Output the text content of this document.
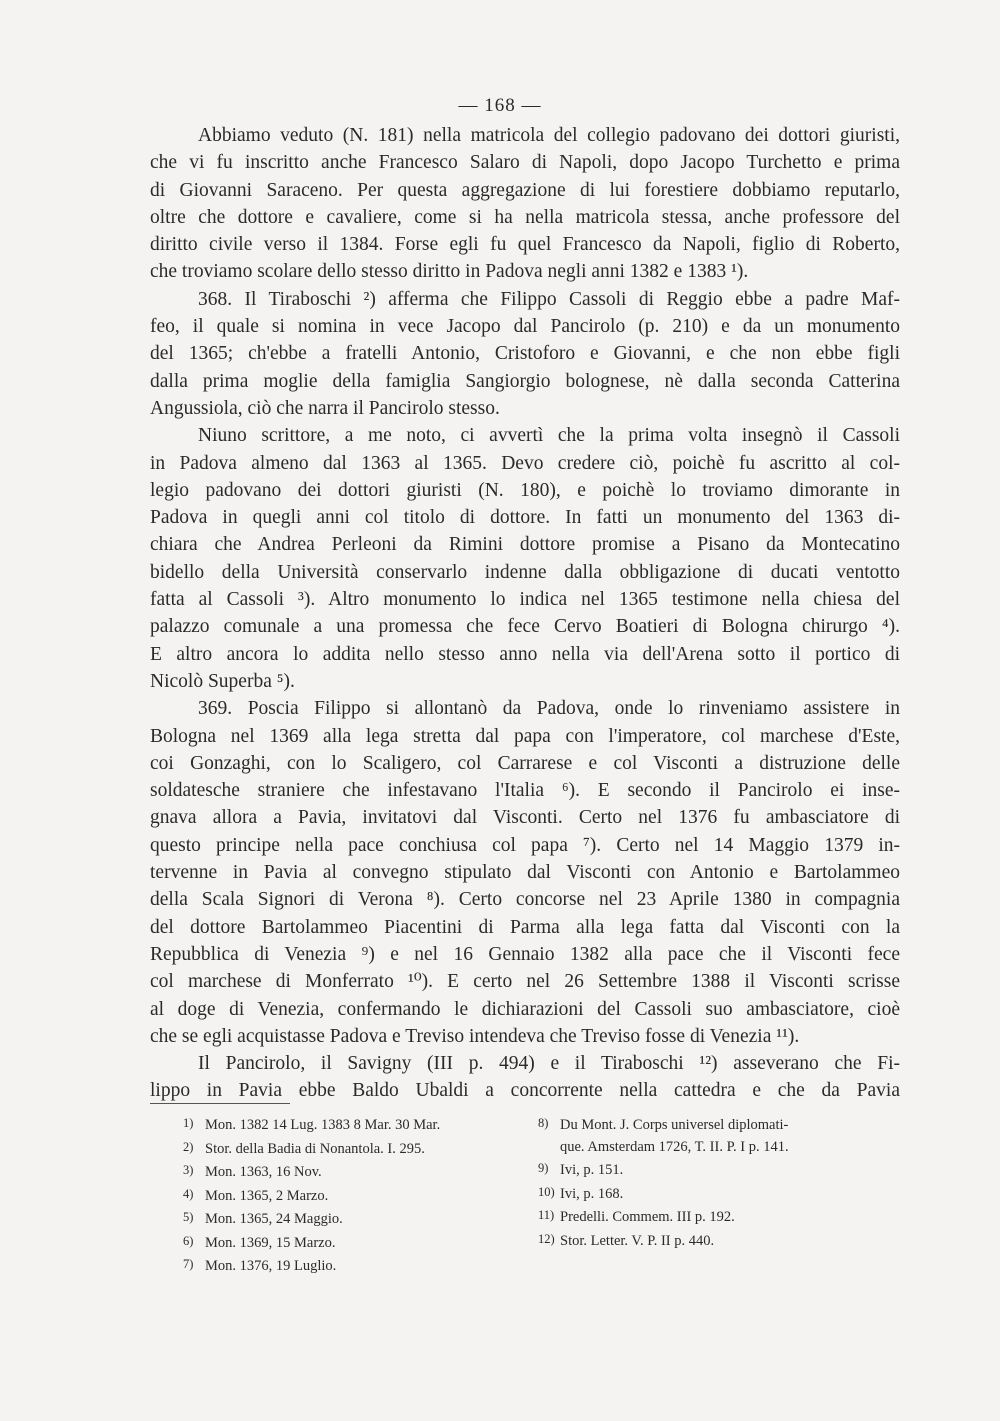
— 168 —
Abbiamo veduto (N. 181) nella matricola del collegio padovano dei dottori giuristi,
che vi fu inscritto anche Francesco Salaro di Napoli, dopo Jacopo Turchetto e prima
di Giovanni Saraceno. Per questa aggregazione di lui forestiere dobbiamo reputarlo,
oltre che dottore e cavaliere, come si ha nella matricola stessa, anche professore del
diritto civile verso il 1384. Forse egli fu quel Francesco da Napoli, figlio di Roberto,
che troviamo scolare dello stesso diritto in Padova negli anni 1382 e 1383 ¹).
368. Il Tiraboschi ²) afferma che Filippo Cassoli di Reggio ebbe a padre Maf-
feo, il quale si nomina in vece Jacopo dal Pancirolo (p. 210) e da un monumento
del 1365; ch'ebbe a fratelli Antonio, Cristoforo e Giovanni, e che non ebbe figli
dalla prima moglie della famiglia Sangiorgio bolognese, nè dalla seconda Catterina
Angussiola, ciò che narra il Pancirolo stesso.
Niuno scrittore, a me noto, ci avvertì che la prima volta insegnò il Cassoli
in Padova almeno dal 1363 al 1365. Devo credere ciò, poichè fu ascritto al col-
legio padovano dei dottori giuristi (N. 180), e poichè lo troviamo dimorante in
Padova in quegli anni col titolo di dottore. In fatti un monumento del 1363 di-
chiara che Andrea Perleoni da Rimini dottore promise a Pisano da Montecatino
bidello della Università conservarlo indenne dalla obbligazione di ducati ventotto
fatta al Cassoli ³). Altro monumento lo indica nel 1365 testimone nella chiesa del
palazzo comunale a una promessa che fece Cervo Boatieri di Bologna chirurgo ⁴).
E altro ancora lo addita nello stesso anno nella via dell'Arena sotto il portico di
Nicolò Superba ⁵).
369. Poscia Filippo si allontanò da Padova, onde lo rinveniamo assistere in
Bologna nel 1369 alla lega stretta dal papa con l'imperatore, col marchese d'Este,
coi Gonzaghi, con lo Scaligero, col Carrarese e col Visconti a distruzione delle
soldatesche straniere che infestavano l'Italia ⁶). E secondo il Pancirolo ei inse-
gnava allora a Pavia, invitatovi dal Visconti. Certo nel 1376 fu ambasciatore di
questo principe nella pace conchiusa col papa ⁷). Certo nel 14 Maggio 1379 in-
tervenne in Pavia al convegno stipulato dal Visconti con Antonio e Bartolammeo
della Scala Signori di Verona ⁸). Certo concorse nel 23 Aprile 1380 in compagnia
del dottore Bartolammeo Piacentini di Parma alla lega fatta dal Visconti con la
Repubblica di Venezia ⁹) e nel 16 Gennaio 1382 alla pace che il Visconti fece
col marchese di Monferrato ¹⁰). E certo nel 26 Settembre 1388 il Visconti scrisse
al doge di Venezia, confermando le dichiarazioni del Cassoli suo ambasciatore, cioè
che se egli acquistasse Padova e Treviso intendeva che Treviso fosse di Venezia ¹¹).
Il Pancirolo, il Savigny (III p. 494) e il Tiraboschi ¹²) asseverano che Fi-
lippo in Pavia ebbe Baldo Ubaldi a concorrente nella cattedra e che da Pavia
1) Mon. 1382 14 Lug. 1383 8 Mar. 30 Mar.
2) Stor. della Badia di Nonantola. I. 295.
3) Mon. 1363, 16 Nov.
4) Mon. 1365, 2 Marzo.
5) Mon. 1365, 24 Maggio.
6) Mon. 1369, 15 Marzo.
7) Mon. 1376, 19 Luglio.
8) Du Mont. J. Corps universel diplomati-
que. Amsterdam 1726, T. II. P. I p. 141.
9) Ivi, p. 151.
10) Ivi, p. 168.
11) Predelli. Commem. III p. 192.
12) Stor. Letter. V. P. II p. 440.
